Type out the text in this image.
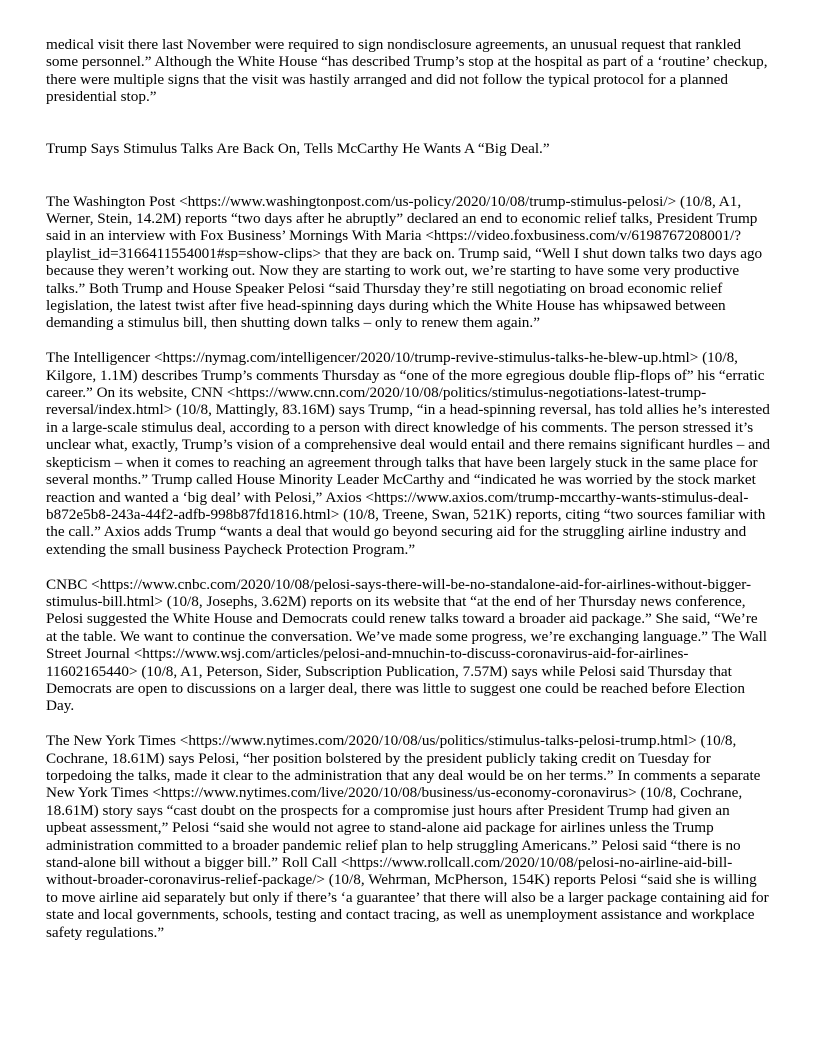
medical visit there last November were required to sign nondisclosure agreements, an unusual request that rankled some personnel.” Although the White House “has described Trump’s stop at the hospital as part of a ‘routine’ checkup, there were multiple signs that the visit was hastily arranged and did not follow the typical protocol for a planned presidential stop.”

Trump Says Stimulus Talks Are Back On, Tells McCarthy He Wants A “Big Deal.”

The Washington Post <https://www.washingtonpost.com/us-policy/2020/10/08/trump-stimulus-pelosi/> (10/8, A1, Werner, Stein, 14.2M) reports “two days after he abruptly” declared an end to economic relief talks, President Trump said in an interview with Fox Business’ Mornings With Maria <https://video.foxbusiness.com/v/6198767208001/?playlist_id=3166411554001#sp=show-clips> that they are back on. Trump said, “Well I shut down talks two days ago because they weren’t working out. Now they are starting to work out, we’re starting to have some very productive talks.” Both Trump and House Speaker Pelosi “said Thursday they’re still negotiating on broad economic relief legislation, the latest twist after five head-spinning days during which the White House has whipsawed between demanding a stimulus bill, then shutting down talks – only to renew them again.”

The Intelligencer <https://nymag.com/intelligencer/2020/10/trump-revive-stimulus-talks-he-blew-up.html> (10/8, Kilgore, 1.1M) describes Trump’s comments Thursday as “one of the more egregious double flip-flops of” his “erratic career.” On its website, CNN <https://www.cnn.com/2020/10/08/politics/stimulus-negotiations-latest-trump-reversal/index.html> (10/8, Mattingly, 83.16M) says Trump, “in a head-spinning reversal, has told allies he’s interested in a large-scale stimulus deal, according to a person with direct knowledge of his comments. The person stressed it’s unclear what, exactly, Trump’s vision of a comprehensive deal would entail and there remains significant hurdles – and skepticism – when it comes to reaching an agreement through talks that have been largely stuck in the same place for several months.” Trump called House Minority Leader McCarthy and “indicated he was worried by the stock market reaction and wanted a ‘big deal’ with Pelosi,” Axios <https://www.axios.com/trump-mccarthy-wants-stimulus-deal-b872e5b8-243a-44f2-adfb-998b87fd1816.html> (10/8, Treene, Swan, 521K) reports, citing “two sources familiar with the call.” Axios adds Trump “wants a deal that would go beyond securing aid for the struggling airline industry and extending the small business Paycheck Protection Program.”

CNBC <https://www.cnbc.com/2020/10/08/pelosi-says-there-will-be-no-standalone-aid-for-airlines-without-bigger-stimulus-bill.html> (10/8, Josephs, 3.62M) reports on its website that “at the end of her Thursday news conference, Pelosi suggested the White House and Democrats could renew talks toward a broader aid package.” She said, “We’re at the table. We want to continue the conversation. We’ve made some progress, we’re exchanging language.” The Wall Street Journal <https://www.wsj.com/articles/pelosi-and-mnuchin-to-discuss-coronavirus-aid-for-airlines-11602165440> (10/8, A1, Peterson, Sider, Subscription Publication, 7.57M) says while Pelosi said Thursday that Democrats are open to discussions on a larger deal, there was little to suggest one could be reached before Election Day.

The New York Times <https://www.nytimes.com/2020/10/08/us/politics/stimulus-talks-pelosi-trump.html> (10/8, Cochrane, 18.61M) says Pelosi, “her position bolstered by the president publicly taking credit on Tuesday for torpedoing the talks, made it clear to the administration that any deal would be on her terms.” In comments a separate New York Times <https://www.nytimes.com/live/2020/10/08/business/us-economy-coronavirus> (10/8, Cochrane, 18.61M) story says “cast doubt on the prospects for a compromise just hours after President Trump had given an upbeat assessment,” Pelosi “said she would not agree to stand-alone aid package for airlines unless the Trump administration committed to a broader pandemic relief plan to help struggling Americans.” Pelosi said “there is no stand-alone bill without a bigger bill.” Roll Call <https://www.rollcall.com/2020/10/08/pelosi-no-airline-aid-bill-without-broader-coronavirus-relief-package/> (10/8, Wehrman, McPherson, 154K) reports Pelosi “said she is willing to move airline aid separately but only if there’s ‘a guarantee’ that there will also be a larger package containing aid for state and local governments, schools, testing and contact tracing, as well as unemployment assistance and workplace safety regulations.”
